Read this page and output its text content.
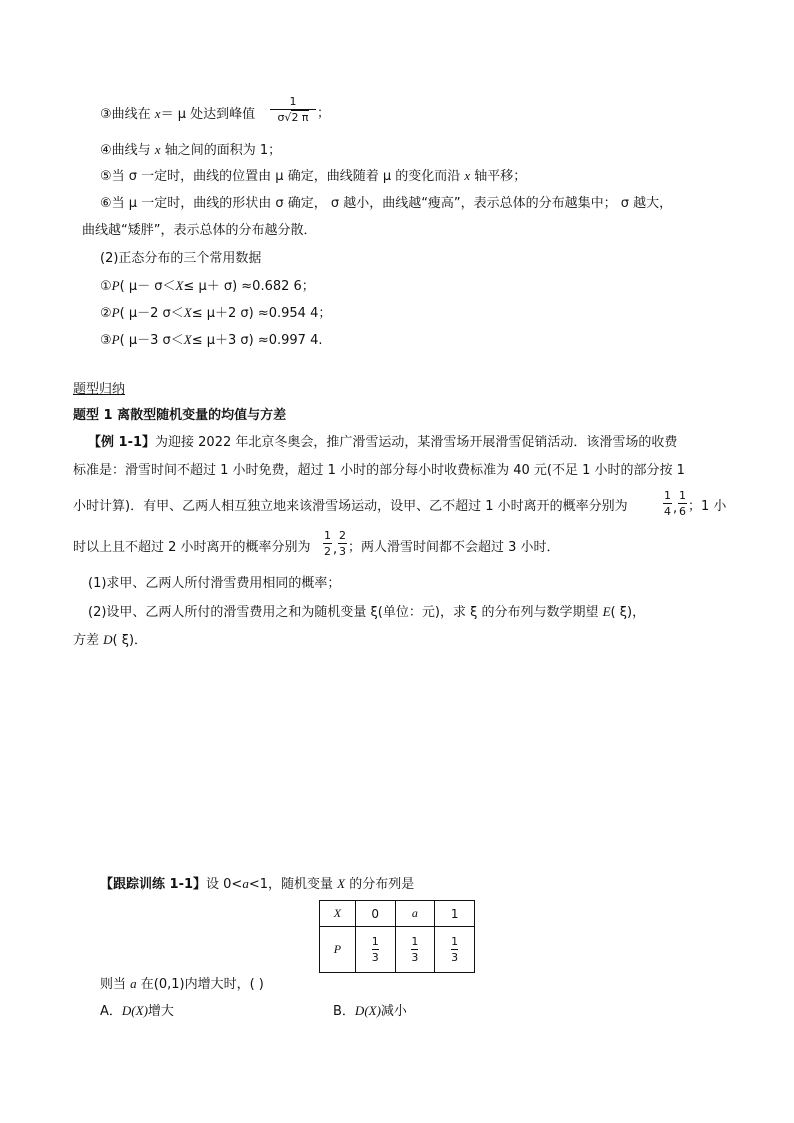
③曲线在 x＝ μ 处达到峰值 $\frac{1}{\sigma√2 \pi}$ ；
④曲线与 x 轴之间的面积为 1；
⑤当 σ 一定时，曲线的位置由 μ 确定，曲线随着 μ 的变化而沿 x 轴平移；
⑥当 μ 一定时，曲线的形状由 σ 确定， σ 越小，曲线越“瘦高”，表示总体的分布越集中； σ 越大，
曲线越“矮胖”，表示总体的分布越分散．
(2)正态分布的三个常用数据
①P( μ－ σ＜X≤ μ＋ σ) ≈0.682 6；
②P( μ－2 σ＜X≤ μ＋2 σ) ≈0.954 4；
③P( μ－3 σ＜X≤ μ＋3 σ) ≈0.997 4.
题型归纳
题型 1 离散型随机变量的均值与方差
【例 1-1】为迎接 2022 年北京冬奥会，推广滑雪运动，某滑雪场开展滑雪促销活动．该滑雪场的收费
标准是：滑雪时间不超过 1 小时免费，超过 1 小时的部分每小时收费标准为 40 元(不足 1 小时的部分按 1
小时计算)．有甲、乙两人相互独立地来该滑雪场运动，设甲、乙不超过 1 小时离开的概率分别为	$\frac{1}{4}$ , $\frac{1}{6}$ ；1 小
时以上且不超过 2 小时离开的概率分别为 $\frac{1}{2}$ , $\frac{2}{3}$ ；两人滑雪时间都不会超过 3 小时．
(1)求甲、乙两人所付滑雪费用相同的概率；
(2)设甲、乙两人所付的滑雪费用之和为随机变量 ξ(单位：元)，求 ξ 的分布列与数学期望 E( ξ)，
方差 D( ξ)．
【跟踪训练 1-1】设 0<a<1，随机变量 X 的分布列是
X	0	a	1
P	$\frac{1}{3}$	$\frac{1}{3}$	$\frac{1}{3}$
则当 a 在(0,1)内增大时，( )
A．D(X)增大	B．D(X)减小
